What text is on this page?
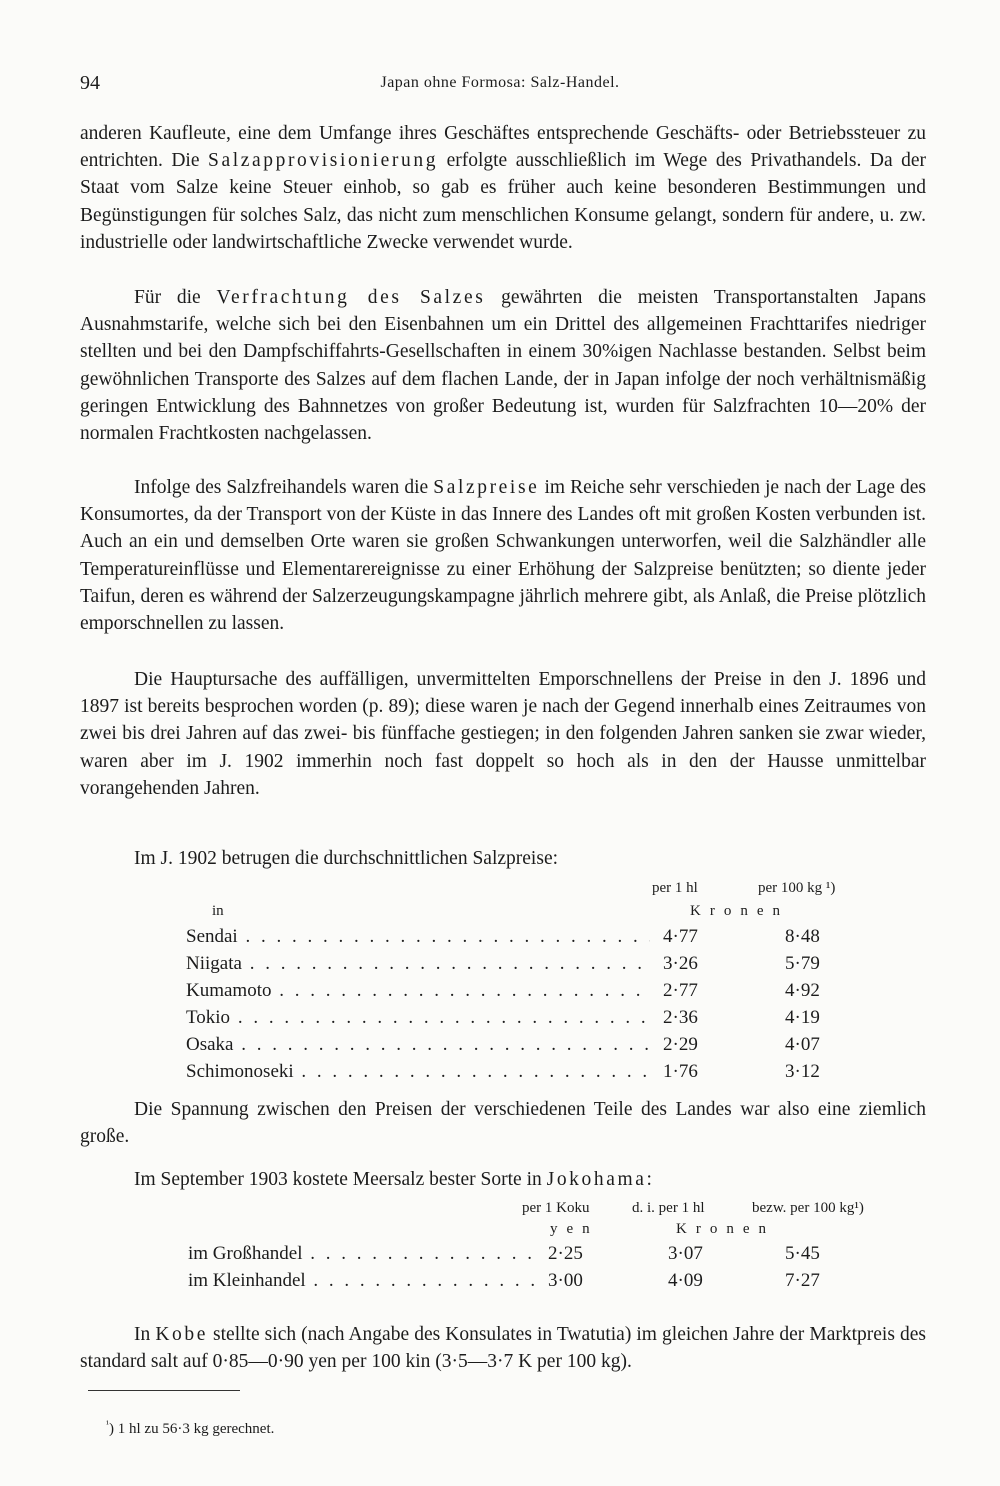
94	Japan ohne Formosa: Salz-Handel.

anderen Kaufleute, eine dem Umfange ihres Geschäftes entsprechende Geschäfts- oder Betriebssteuer zu entrichten. Die Salzapprovisionierung erfolgte ausschließlich im Wege des Privathandels. Da der Staat vom Salze keine Steuer einhob, so gab es früher auch keine besonderen Bestimmungen und Begünstigungen für solches Salz, das nicht zum menschlichen Konsume gelangt, sondern für andere, u. zw. industrielle oder landwirtschaftliche Zwecke verwendet wurde.

Für die Verfrachtung des Salzes gewährten die meisten Transportanstalten Japans Ausnahmstarife, welche sich bei den Eisenbahnen um ein Drittel des allgemeinen Frachttarifes niedriger stellten und bei den Dampfschiffahrts-Gesellschaften in einem 30%igen Nachlasse bestanden. Selbst beim gewöhnlichen Transporte des Salzes auf dem flachen Lande, der in Japan infolge der noch verhältnismäßig geringen Entwicklung des Bahnnetzes von großer Bedeutung ist, wurden für Salzfrachten 10—20% der normalen Frachtkosten nachgelassen.

Infolge des Salzfreihandels waren die Salzpreise im Reiche sehr verschieden je nach der Lage des Konsumortes, da der Transport von der Küste in das Innere des Landes oft mit großen Kosten verbunden ist. Auch an ein und demselben Orte waren sie großen Schwankungen unterworfen, weil die Salzhändler alle Temperatureinflüsse und Elementarereignisse zu einer Erhöhung der Salzpreise benützten; so diente jeder Taifun, deren es während der Salzerzeugungskampagne jährlich mehrere gibt, als Anlaß, die Preise plötzlich emporschnellen zu lassen.

Die Hauptursache des auffälligen, unvermittelten Emporschnellens der Preise in den J. 1896 und 1897 ist bereits besprochen worden (p. 89); diese waren je nach der Gegend innerhalb eines Zeitraumes von zwei bis drei Jahren auf das zwei- bis fünffache gestiegen; in den folgenden Jahren sanken sie zwar wieder, waren aber im J. 1902 immerhin noch fast doppelt so hoch als in den der Hausse unmittelbar vorangehenden Jahren.

Im J. 1902 betrugen die durchschnittlichen Salzpreise:

per 1 hl	per 100 kg ¹)
in	Kronen
Sendai . . .	4·77	8·48
Niigata . . .	3·26	5·79
Kumamoto . . .	2·77	4·92
Tokio . . .	2·36	4·19
Osaka . . .	2·29	4·07
Schimonoseki . . .	1·76	3·12

Die Spannung zwischen den Preisen der verschiedenen Teile des Landes war also eine ziemlich große.

Im September 1903 kostete Meersalz bester Sorte in Jokohama:

per 1 Koku	d. i. per 1 hl	bezw. per 100 kg¹)
yen	Kronen
im Großhandel . . .	2·25	3·07	5·45
im Kleinhandel . . .	3·00	4·09	7·27

In Kobe stellte sich (nach Angabe des Konsulates in Twatutia) im gleichen Jahre der Marktpreis des standard salt auf 0·85—0·90 yen per 100 kin (3·5—3·7 K per 100 kg).

$^{^1}$) 1 hl zu 56·3 kg gerechnet.
